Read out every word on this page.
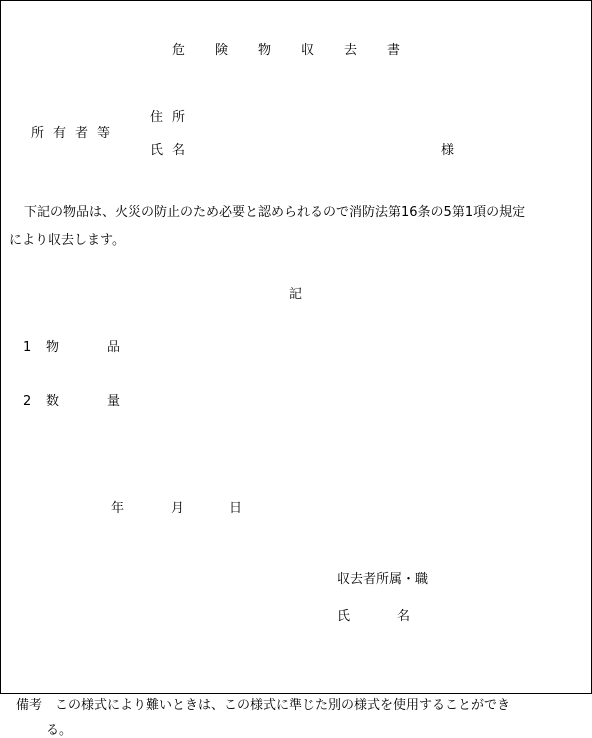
危険物収去書
所有者等
住所
氏名	様
下記の物品は、火災の防止のため必要と認められるので消防法第16条の5第1項の規定
により収去します。
記
1 物	品
2 数	量
年	月	日
収去者所属・職
氏	名
備考　この様式により難いときは、この様式に準じた別の様式を使用することができ
る。
